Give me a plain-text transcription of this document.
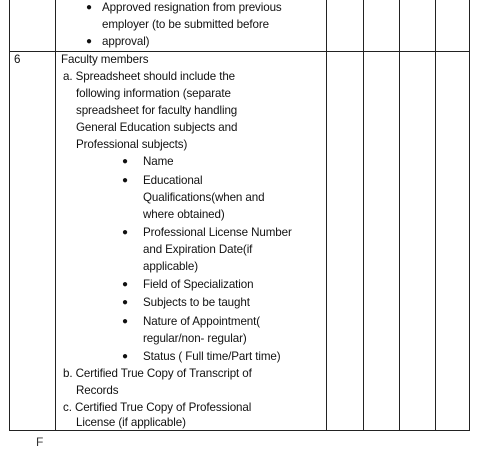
● Approved resignation from previous
employer (to be submitted before
● approval)
6	Faculty members
a. Spreadsheet should include the
following information (separate
spreadsheet for faculty handling
General Education subjects and
Professional subjects)
● Name
● Educational
Qualifications(when and
where obtained)
● Professional License Number
and Expiration Date(if
applicable)
● Field of Specialization
● Subjects to be taught
● Nature of Appointment(
regular/non- regular)
● Status ( Full time/Part time)
b. Certified True Copy of Transcript of
Records
c. Certified True Copy of Professional
License (if applicable)
F
